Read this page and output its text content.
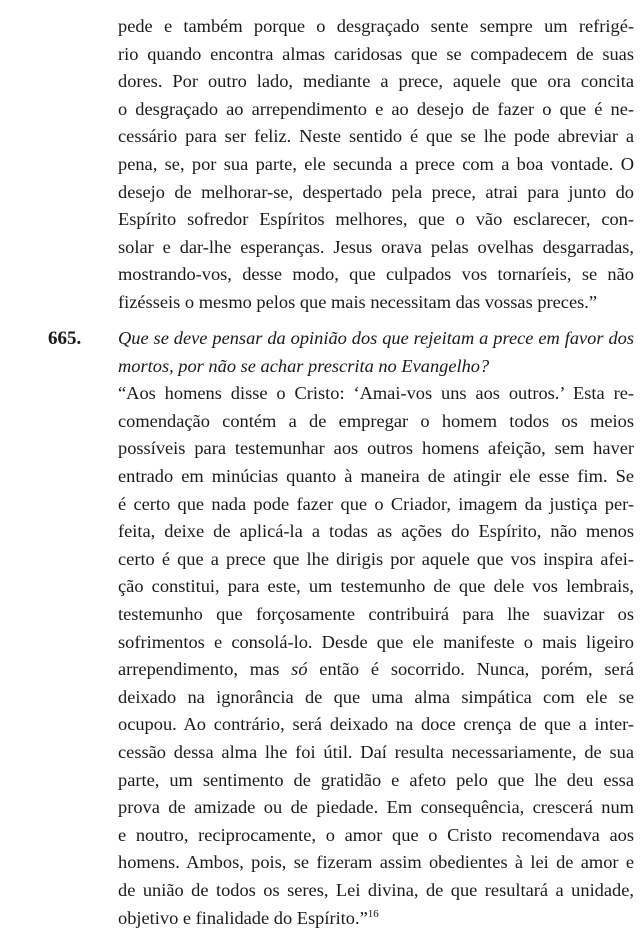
pede e também porque o desgraçado sente sempre um refrigé-
rio quando encontra almas caridosas que se compadecem de suas
dores. Por outro lado, mediante a prece, aquele que ora concita
o desgraçado ao arrependimento e ao desejo de fazer o que é ne-
cessário para ser feliz. Neste sentido é que se lhe pode abreviar a
pena, se, por sua parte, ele secunda a prece com a boa vontade. O
desejo de melhorar-se, despertado pela prece, atrai para junto do
Espírito sofredor Espíritos melhores, que o vão esclarecer, con-
solar e dar-lhe esperanças. Jesus orava pelas ovelhas desgarradas,
mostrando-vos, desse modo, que culpados vos tornaríeis, se não
fizésseis o mesmo pelos que mais necessitam das vossas preces.”
665. Que se deve pensar da opinião dos que rejeitam a prece em favor dos
mortos, por não se achar prescrita no Evangelho?
“Aos homens disse o Cristo: ‘Amai-vos uns aos outros.’ Esta re-
comendação contém a de empregar o homem todos os meios
possíveis para testemunhar aos outros homens afeição, sem haver
entrado em minúcias quanto à maneira de atingir ele esse fim. Se
é certo que nada pode fazer que o Criador, imagem da justiça per-
feita, deixe de aplicá-la a todas as ações do Espírito, não menos
certo é que a prece que lhe dirigis por aquele que vos inspira afei-
ção constitui, para este, um testemunho de que dele vos lembrais,
testemunho que forçosamente contribuirá para lhe suavizar os
sofrimentos e consolá-lo. Desde que ele manifeste o mais ligeiro
arrependimento, mas só então é socorrido. Nunca, porém, será
deixado na ignorância de que uma alma simpática com ele se
ocupou. Ao contrário, será deixado na doce crença de que a inter-
cessão dessa alma lhe foi útil. Daí resulta necessariamente, de sua
parte, um sentimento de gratidão e afeto pelo que lhe deu essa
prova de amizade ou de piedade. Em consequência, crescerá num
e noutro, reciprocamente, o amor que o Cristo recomendava aos
homens. Ambos, pois, se fizeram assim obedientes à lei de amor e
de união de todos os seres, Lei divina, de que resultará a unidade,
objetivo e finalidade do Espírito.”$^{16}$
